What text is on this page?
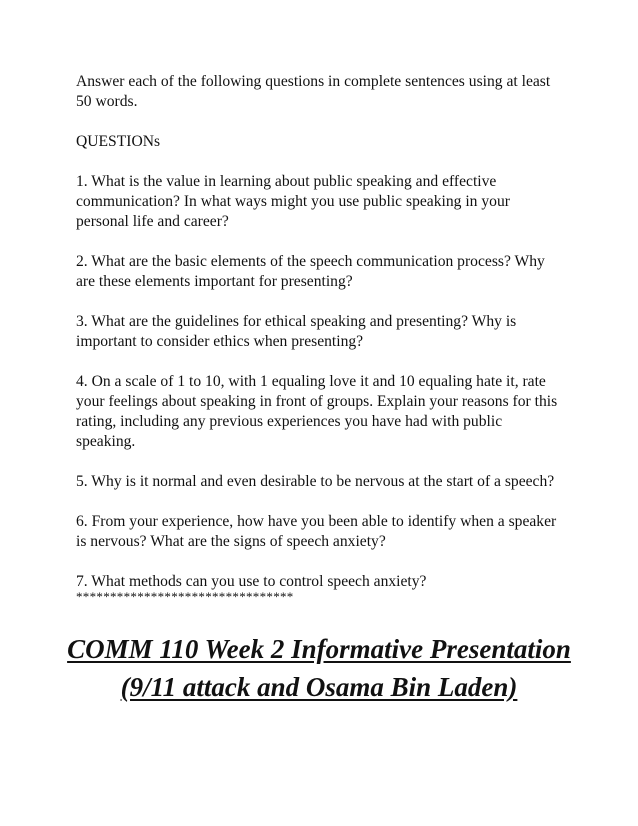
Answer each of the following questions in complete sentences using at least 50 words.

QUESTIONs

1. What is the value in learning about public speaking and effective communication? In what ways might you use public speaking in your personal life and career?

2. What are the basic elements of the speech communication process? Why are these elements important for presenting?

3. What are the guidelines for ethical speaking and presenting? Why is important to consider ethics when presenting?

4. On a scale of 1 to 10, with 1 equaling love it and 10 equaling hate it, rate your feelings about speaking in front of groups. Explain your reasons for this rating, including any previous experiences you have had with public speaking.

5. Why is it normal and even desirable to be nervous at the start of a speech?

6. From your experience, how have you been able to identify when a speaker is nervous? What are the signs of speech anxiety?

7. What methods can you use to control speech anxiety?

********************************
COMM 110 Week 2 Informative Presentation (9/11 attack and Osama Bin Laden)
